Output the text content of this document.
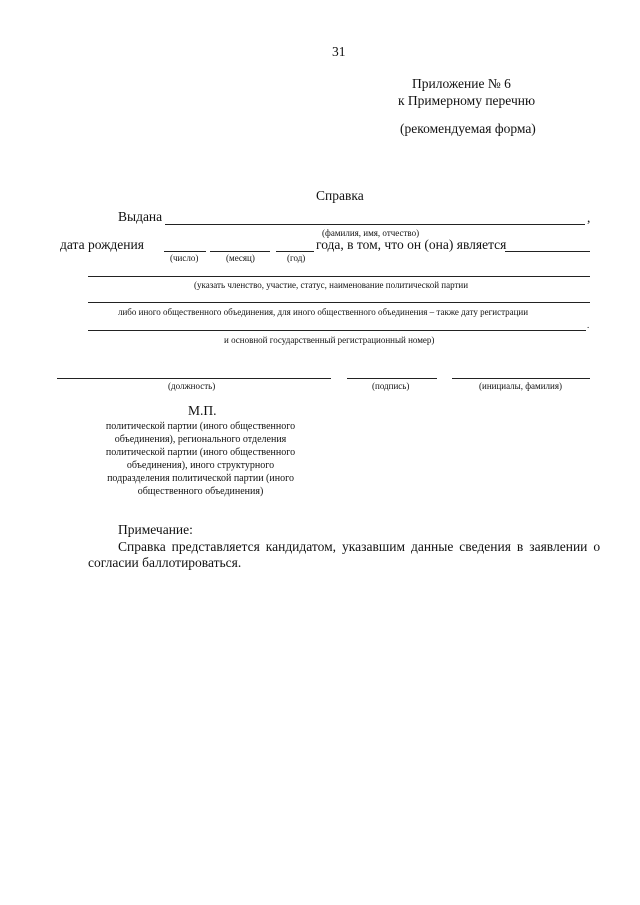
31
Приложение № 6
к Примерному перечню
(рекомендуемая форма)
Справка
Выдана	,
(фамилия, имя, отчество)
дата рождения	года, в том, что он (она) является
(число)	(месяц)	(год)
(указать членство, участие, статус, наименование политической партии
либо иного общественного объединения, для иного общественного объединения – также дату регистрации
.
и основной государственный регистрационный номер)
(должность)	(подпись)	(инициалы, фамилия)
М.П.
политической партии (иного общественного
объединения), регионального отделения
политической партии (иного общественного
объединения), иного структурного
подразделения политической партии (иного
общественного объединения)
Примечание:
Справка представляется кандидатом, указавшим данные сведения в заявлении о
согласии баллотироваться.
